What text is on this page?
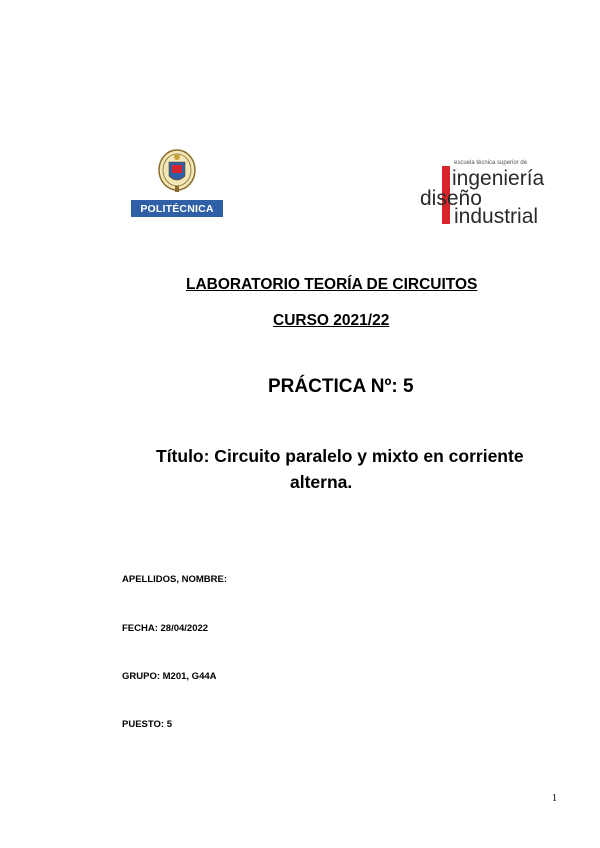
POLITÉCNICA
escuela técnica superior de
ingeniería
diseño
industrial
LABORATORIO TEORÍA DE CIRCUITOS
CURSO 2021/22
PRÁCTICA Nº: 5
Título: Circuito paralelo y mixto en corriente
alterna.
APELLIDOS, NOMBRE:
FECHA: 28/04/2022
GRUPO: M201, G44A
PUESTO: 5
1
